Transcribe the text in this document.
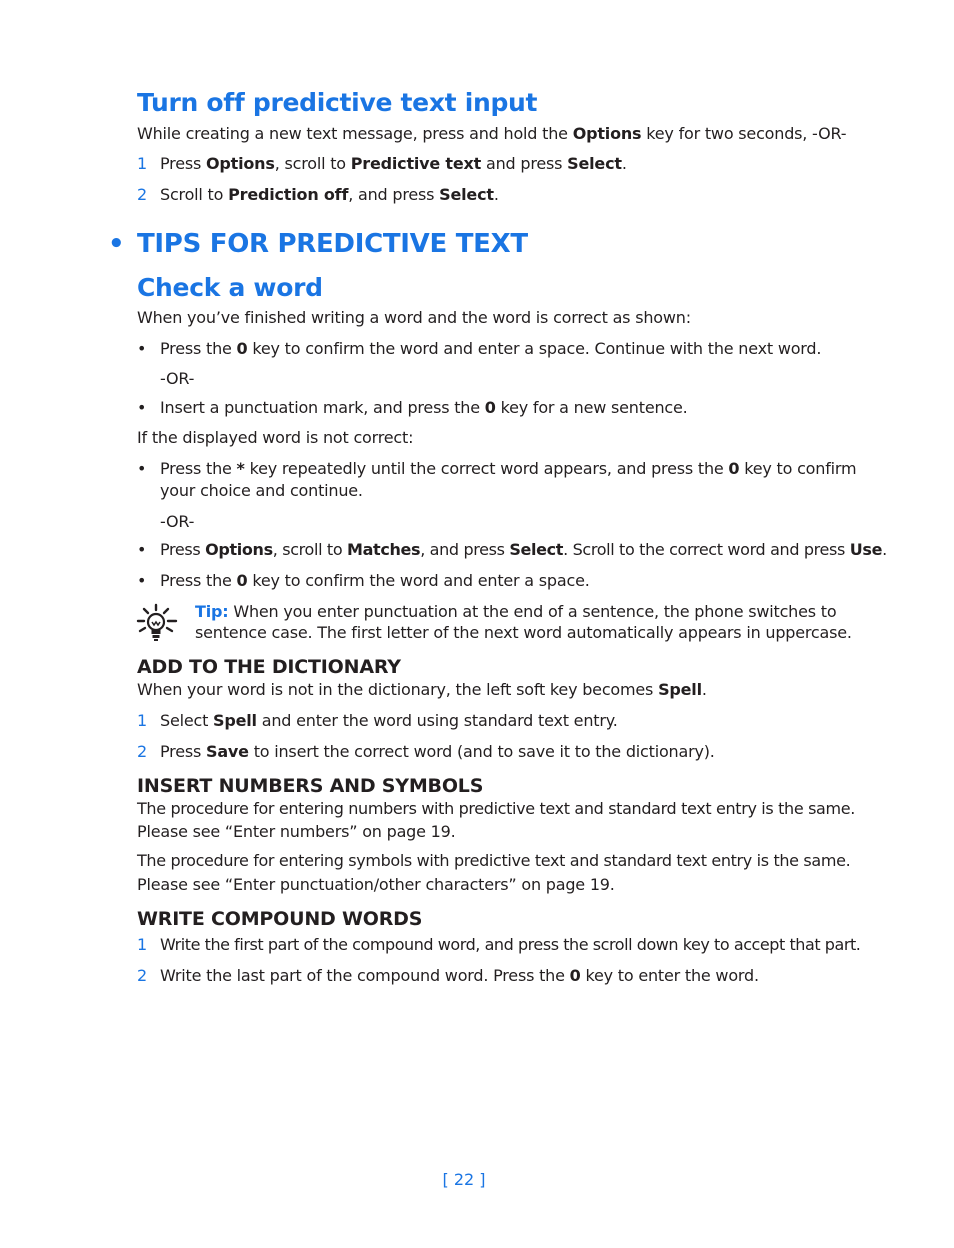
Turn off predictive text input
While creating a new text message, press and hold the Options key for two seconds, -OR-
1 Press Options, scroll to Predictive text and press Select.
2 Scroll to Prediction off, and press Select.
• TIPS FOR PREDICTIVE TEXT
Check a word
When you’ve finished writing a word and the word is correct as shown:
• Press the 0 key to confirm the word and enter a space. Continue with the next word.
-OR-
• Insert a punctuation mark, and press the 0 key for a new sentence.
If the displayed word is not correct:
• Press the * key repeatedly until the correct word appears, and press the 0 key to confirm
your choice and continue.
-OR-
• Press Options, scroll to Matches, and press Select. Scroll to the correct word and press Use.
• Press the 0 key to confirm the word and enter a space.
Tip: When you enter punctuation at the end of a sentence, the phone switches to
sentence case. The first letter of the next word automatically appears in uppercase.
ADD TO THE DICTIONARY
When your word is not in the dictionary, the left soft key becomes Spell.
1 Select Spell and enter the word using standard text entry.
2 Press Save to insert the correct word (and to save it to the dictionary).
INSERT NUMBERS AND SYMBOLS
The procedure for entering numbers with predictive text and standard text entry is the same.
Please see “Enter numbers” on page 19.
The procedure for entering symbols with predictive text and standard text entry is the same.
Please see “Enter punctuation/other characters” on page 19.
WRITE COMPOUND WORDS
1 Write the first part of the compound word, and press the scroll down key to accept that part.
2 Write the last part of the compound word. Press the 0 key to enter the word.
[ 22 ]
